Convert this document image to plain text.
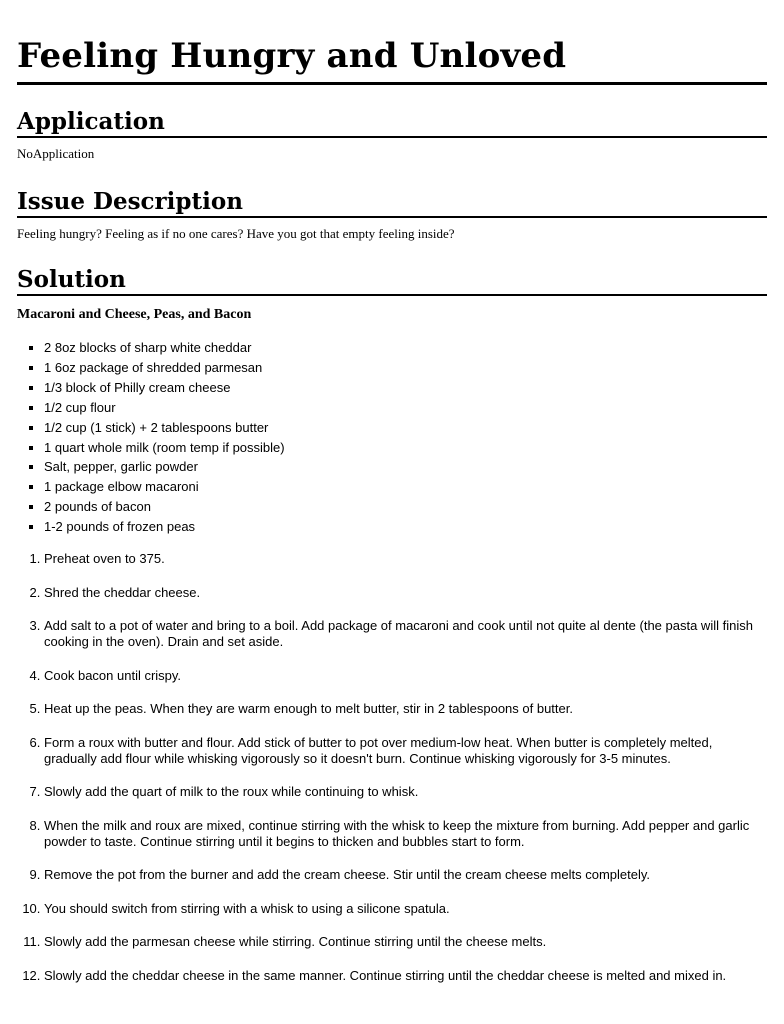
Feeling Hungry and Unloved
Application

NoApplication

Issue Description

Feeling hungry? Feeling as if no one cares? Have you got that empty feeling inside?

Solution

Macaroni and Cheese, Peas, and Bacon

▪ 2 8oz blocks of sharp white cheddar
▪ 1 6oz package of shredded parmesan
▪ 1/3 block of Philly cream cheese
▪ 1/2 cup flour
▪ 1/2 cup (1 stick) + 2 tablespoons butter
▪ 1 quart whole milk (room temp if possible)
▪ Salt, pepper, garlic powder
▪ 1 package elbow macaroni
▪ 2 pounds of bacon
▪ 1-2 pounds of frozen peas
1. Preheat oven to 375.
2. Shred the cheddar cheese.
3. Add salt to a pot of water and bring to a boil. Add package of macaroni and cook until not quite al dente (the pasta will finish cooking in the oven). Drain and set aside.
4. Cook bacon until crispy.
5. Heat up the peas. When they are warm enough to melt butter, stir in 2 tablespoons of butter.
6. Form a roux with butter and flour. Add stick of butter to pot over medium-low heat. When butter is completely melted, gradually add flour while whisking vigorously so it doesn't burn. Continue whisking vigorously for 3-5 minutes.
7. Slowly add the quart of milk to the roux while continuing to whisk.
8. When the milk and roux are mixed, continue stirring with the whisk to keep the mixture from burning. Add pepper and garlic powder to taste. Continue stirring until it begins to thicken and bubbles start to form.
9. Remove the pot from the burner and add the cream cheese. Stir until the cream cheese melts completely.
10. You should switch from stirring with a whisk to using a silicone spatula.
11. Slowly add the parmesan cheese while stirring. Continue stirring until the cheese melts.
12. Slowly add the cheddar cheese in the same manner. Continue stirring until the cheddar cheese is melted and mixed in.
